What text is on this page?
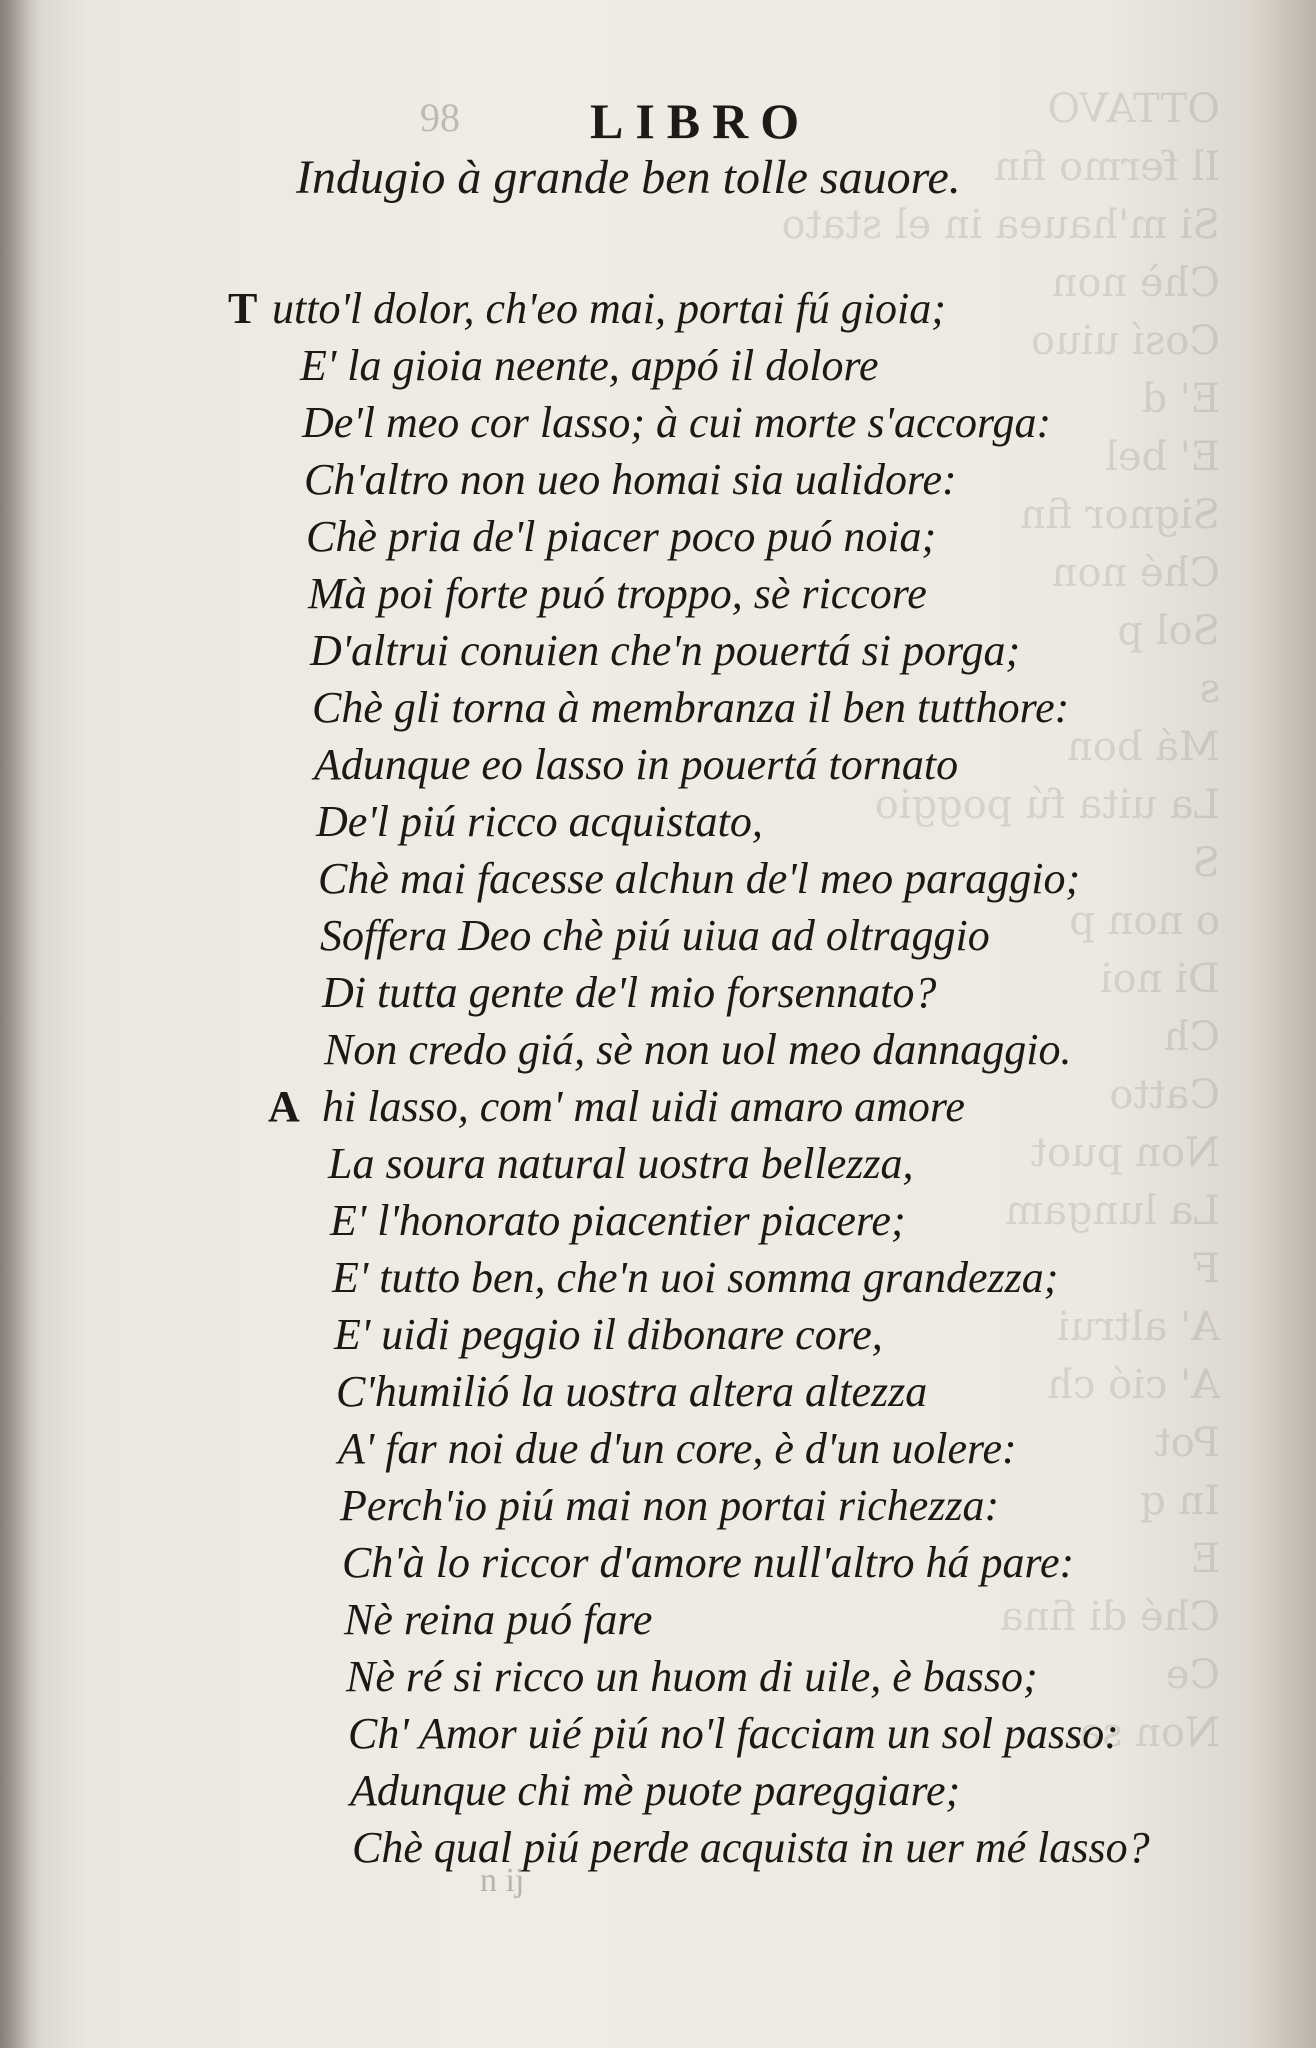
OTTAVO
Il fermo fin
Si m'hauea in el stato
Chè non
Cosí uiuo
E' d
E' bel
Signor fin
Ché non
Sol p
s
Má bon
La uita fú poggio
S
o non p
Di noi
Ch
Catto
Non puot
La lungam
F
A' altrui
A' ció ch
Pot
In q
E
Ché di fina
Ce
Non sa
98	LIBRO
Indugio à grande ben tolle sauore.
T utto'l dolor, ch'eo mai, portai fú gioia;
E' la gioia neente, appó il dolore
De'l meo cor lasso; à cui morte s'accorga:
Ch'altro non ueo homai sia ualidore:
Chè pria de'l piacer poco puó noia;
Mà poi forte puó troppo, sè riccore
D'altrui conuien che'n pouertá si porga;
Chè gli torna à membranza il ben tutthore:
Adunque eo lasso in pouertá tornato
De'l piú ricco acquistato,
Chè mai facesse alchun de'l meo paraggio;
Soffera Deo chè piú uiua ad oltraggio
Di tutta gente de'l mio forsennato?
Non credo giá, sè non uol meo dannaggio.
A hi lasso, com' mal uidi amaro amore
La soura natural uostra bellezza,
E' l'honorato piacentier piacere;
E' tutto ben, che'n uoi somma grandezza;
E' uidi peggio il dibonare core,
C'humilió la uostra altera altezza
A' far noi due d'un core, è d'un uolere:
Perch'io piú mai non portai richezza:
Ch'à lo riccor d'amore null'altro há pare:
Nè reina puó fare
Nè ré si ricco un huom di uile, è basso;
Ch' Amor uié piú no'l facciam un sol passo:
Adunque chi mè puote pareggiare;
Chè qual piú perde acquista in uer mé lasso?
n ij
